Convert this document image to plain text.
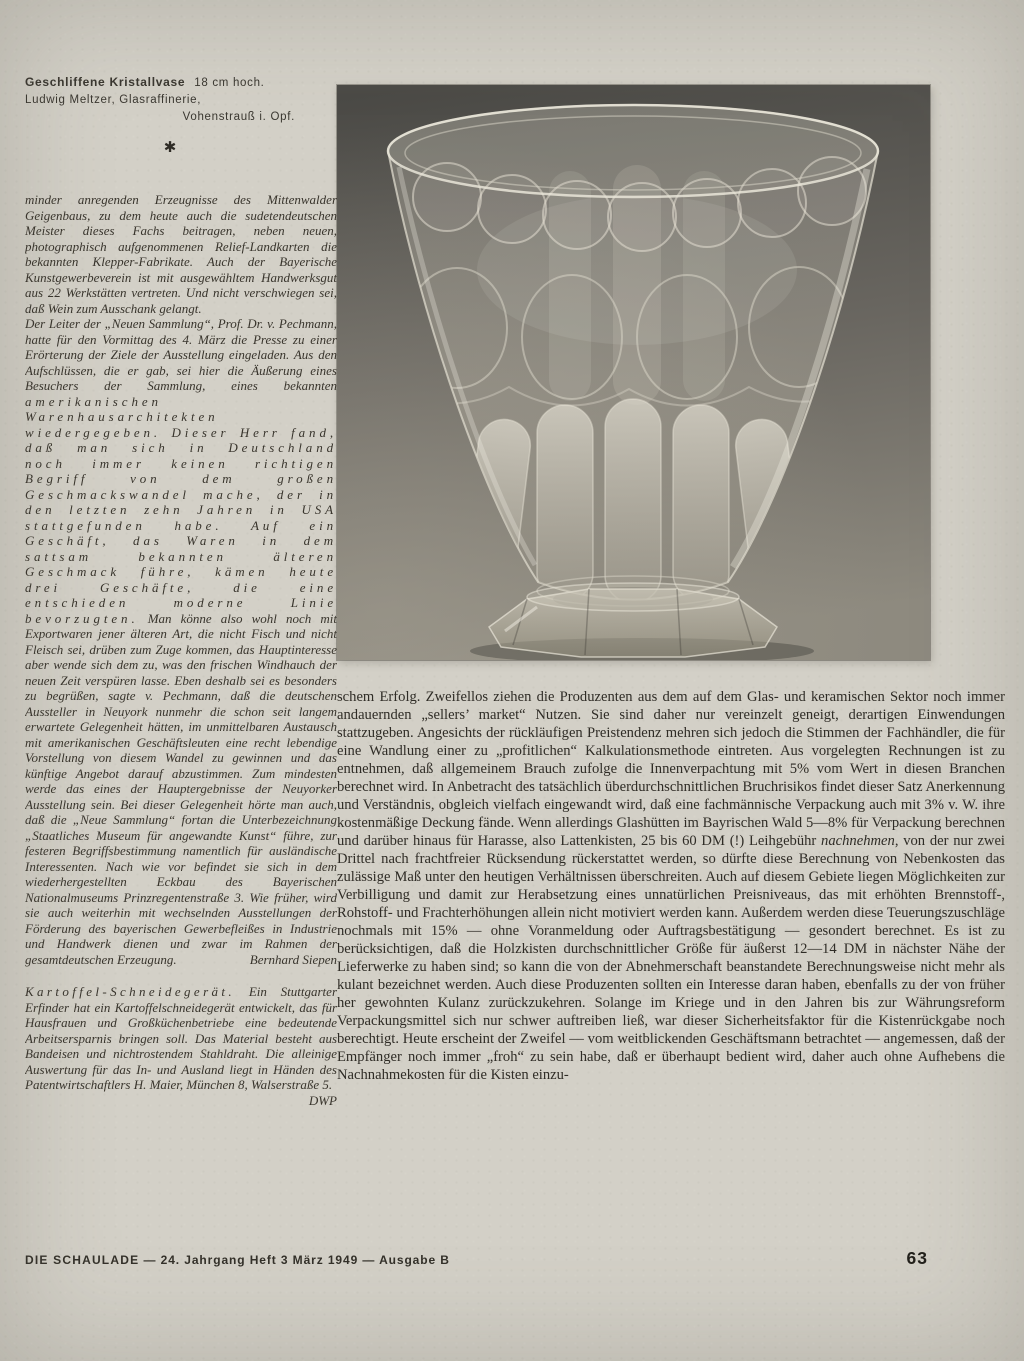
Geschliffene Kristallvase 18 cm hoch.
Ludwig Meltzer, Glasraffinerie,
Vohenstrauß i. Opf.
✱

minder anregenden Erzeugnisse des Mittenwalder Geigenbaus, zu dem heute auch die sudetendeutschen Meister dieses Fachs beitragen, neben neuen, photographisch aufgenommenen Relief-Landkarten die bekannten Klepper-Fabrikate. Auch der Bayerische Kunstgewerbeverein ist mit ausgewähltem Handwerksgut aus 22 Werkstätten vertreten. Und nicht verschwiegen sei, daß Wein zum Ausschank gelangt.

Der Leiter der „Neuen Sammlung“, Prof. Dr. v. Pechmann, hatte für den Vormittag des 4. März die Presse zu einer Erörterung der Ziele der Ausstellung eingeladen. Aus den Aufschlüssen, die er gab, sei hier die Äußerung eines Besuchers der Sammlung, eines bekannten amerikanischen Warenhausarchitekten wiedergegeben. Dieser Herr fand, daß man sich in Deutschland noch immer keinen richtigen Begriff von dem großen Geschmackswandel mache, der in den letzten zehn Jahren in USA stattgefunden habe. Auf ein Geschäft, das Waren in dem sattsam bekannten älteren Geschmack führe, kämen heute drei Geschäfte, die eine entschieden moderne Linie bevorzugten. Man könne also wohl noch mit Exportwaren jener älteren Art, die nicht Fisch und nicht Fleisch sei, drüben zum Zuge kommen, das Hauptinteresse aber wende sich dem zu, was den frischen Windhauch der neuen Zeit verspüren lasse. Eben deshalb sei es besonders zu begrüßen, sagte v. Pechmann, daß die deutschen Aussteller in Neuyork nunmehr die schon seit langem erwartete Gelegenheit hätten, im unmittelbaren Austausch mit amerikanischen Geschäftsleuten eine recht lebendige Vorstellung von diesem Wandel zu gewinnen und das künftige Angebot darauf abzustimmen. Zum mindesten werde das eines der Hauptergebnisse der Neuyorker Ausstellung sein. Bei dieser Gelegenheit hörte man auch, daß die „Neue Sammlung“ fortan die Unterbezeichnung „Staatliches Museum für angewandte Kunst“ führe, zur festeren Begriffsbestimmung namentlich für ausländische Interessenten. Nach wie vor befindet sie sich in dem wiederhergestellten Eckbau des Bayerischen Nationalmuseums Prinzregentenstraße 3. Wie früher, wird sie auch weiterhin mit wechselnden Ausstellungen der Förderung des bayerischen Gewerbefleißes in Industrie und Handwerk dienen und zwar im Rahmen der gesamtdeutschen Erzeugung.	Bernhard Siepen

Kartoffel-Schneidegerät. Ein Stuttgarter Erfinder hat ein Kartoffelschneidegerät entwickelt, das für Hausfrauen und Großküchenbetriebe eine bedeutende Arbeitsersparnis bringen soll. Das Material besteht aus Bandeisen und nichtrostendem Stahldraht. Die alleinige Auswertung für das In- und Ausland liegt in Händen des Patentwirtschaftlers H. Maier, München 8, Walserstraße 5.
DWP

schem Erfolg. Zweifellos ziehen die Produzenten aus dem auf dem Glas- und keramischen Sektor noch immer andauernden „sellers’ market“ Nutzen. Sie sind daher nur vereinzelt geneigt, derartigen Einwendungen stattzugeben. Angesichts der rückläufigen Preistendenz mehren sich jedoch die Stimmen der Fachhändler, die für eine Wandlung einer zu „profitlichen“ Kalkulationsmethode eintreten. Aus vorgelegten Rechnungen ist zu entnehmen, daß allgemeinem Brauch zufolge die Innenverpachtung mit 5% vom Wert in diesen Branchen berechnet wird. In Anbetracht des tatsächlich überdurchschnittlichen Bruchrisikos findet dieser Satz Anerkennung und Verständnis, obgleich vielfach eingewandt wird, daß eine fachmännische Verpackung auch mit 3% v. W. ihre kostenmäßige Deckung fände. Wenn allerdings Glashütten im Bayrischen Wald 5—8% für Verpackung berechnen und darüber hinaus für Harasse, also Lattenkisten, 25 bis 60 DM (!) Leihgebühr nachnehmen, von der nur zwei Drittel nach frachtfreier Rücksendung rückerstattet werden, so dürfte diese Berechnung von Nebenkosten das zulässige Maß unter den heutigen Verhältnissen überschreiten. Auch auf diesem Gebiete liegen Möglichkeiten zur Verbilligung und damit zur Herabsetzung eines unnatürlichen Preisniveaus, das mit erhöhten Brennstoff-, Rohstoff- und Frachterhöhungen allein nicht motiviert werden kann. Außerdem werden diese Teuerungszuschläge nochmals mit 15% — ohne Voranmeldung oder Auftragsbestätigung — gesondert berechnet. Es ist zu berücksichtigen, daß die Holzkisten durchschnittlicher Größe für äußerst 12—14 DM in nächster Nähe der Lieferwerke zu haben sind; so kann die von der Abnehmerschaft beanstandete Berechnungsweise nicht mehr als kulant bezeichnet werden. Auch diese Produzenten sollten ein Interesse daran haben, ebenfalls zu der von früher her gewohnten Kulanz zurückzukehren. Solange im Kriege und in den Jahren bis zur Währungsreform Verpackungsmittel sich nur schwer auftreiben ließ, war dieser Sicherheitsfaktor für die Kistenrückgabe noch berechtigt. Heute erscheint der Zweifel — vom weitblickenden Geschäftsmann betrachtet — angemessen, daß der Empfänger noch immer „froh“ zu sein habe, daß er überhaupt bedient wird, daher auch ohne Aufhebens die Nachnahmekosten für die Kisten einzu-

DIE SCHAULADE — 24. Jahrgang Heft 3 März 1949 — Ausgabe B	63
